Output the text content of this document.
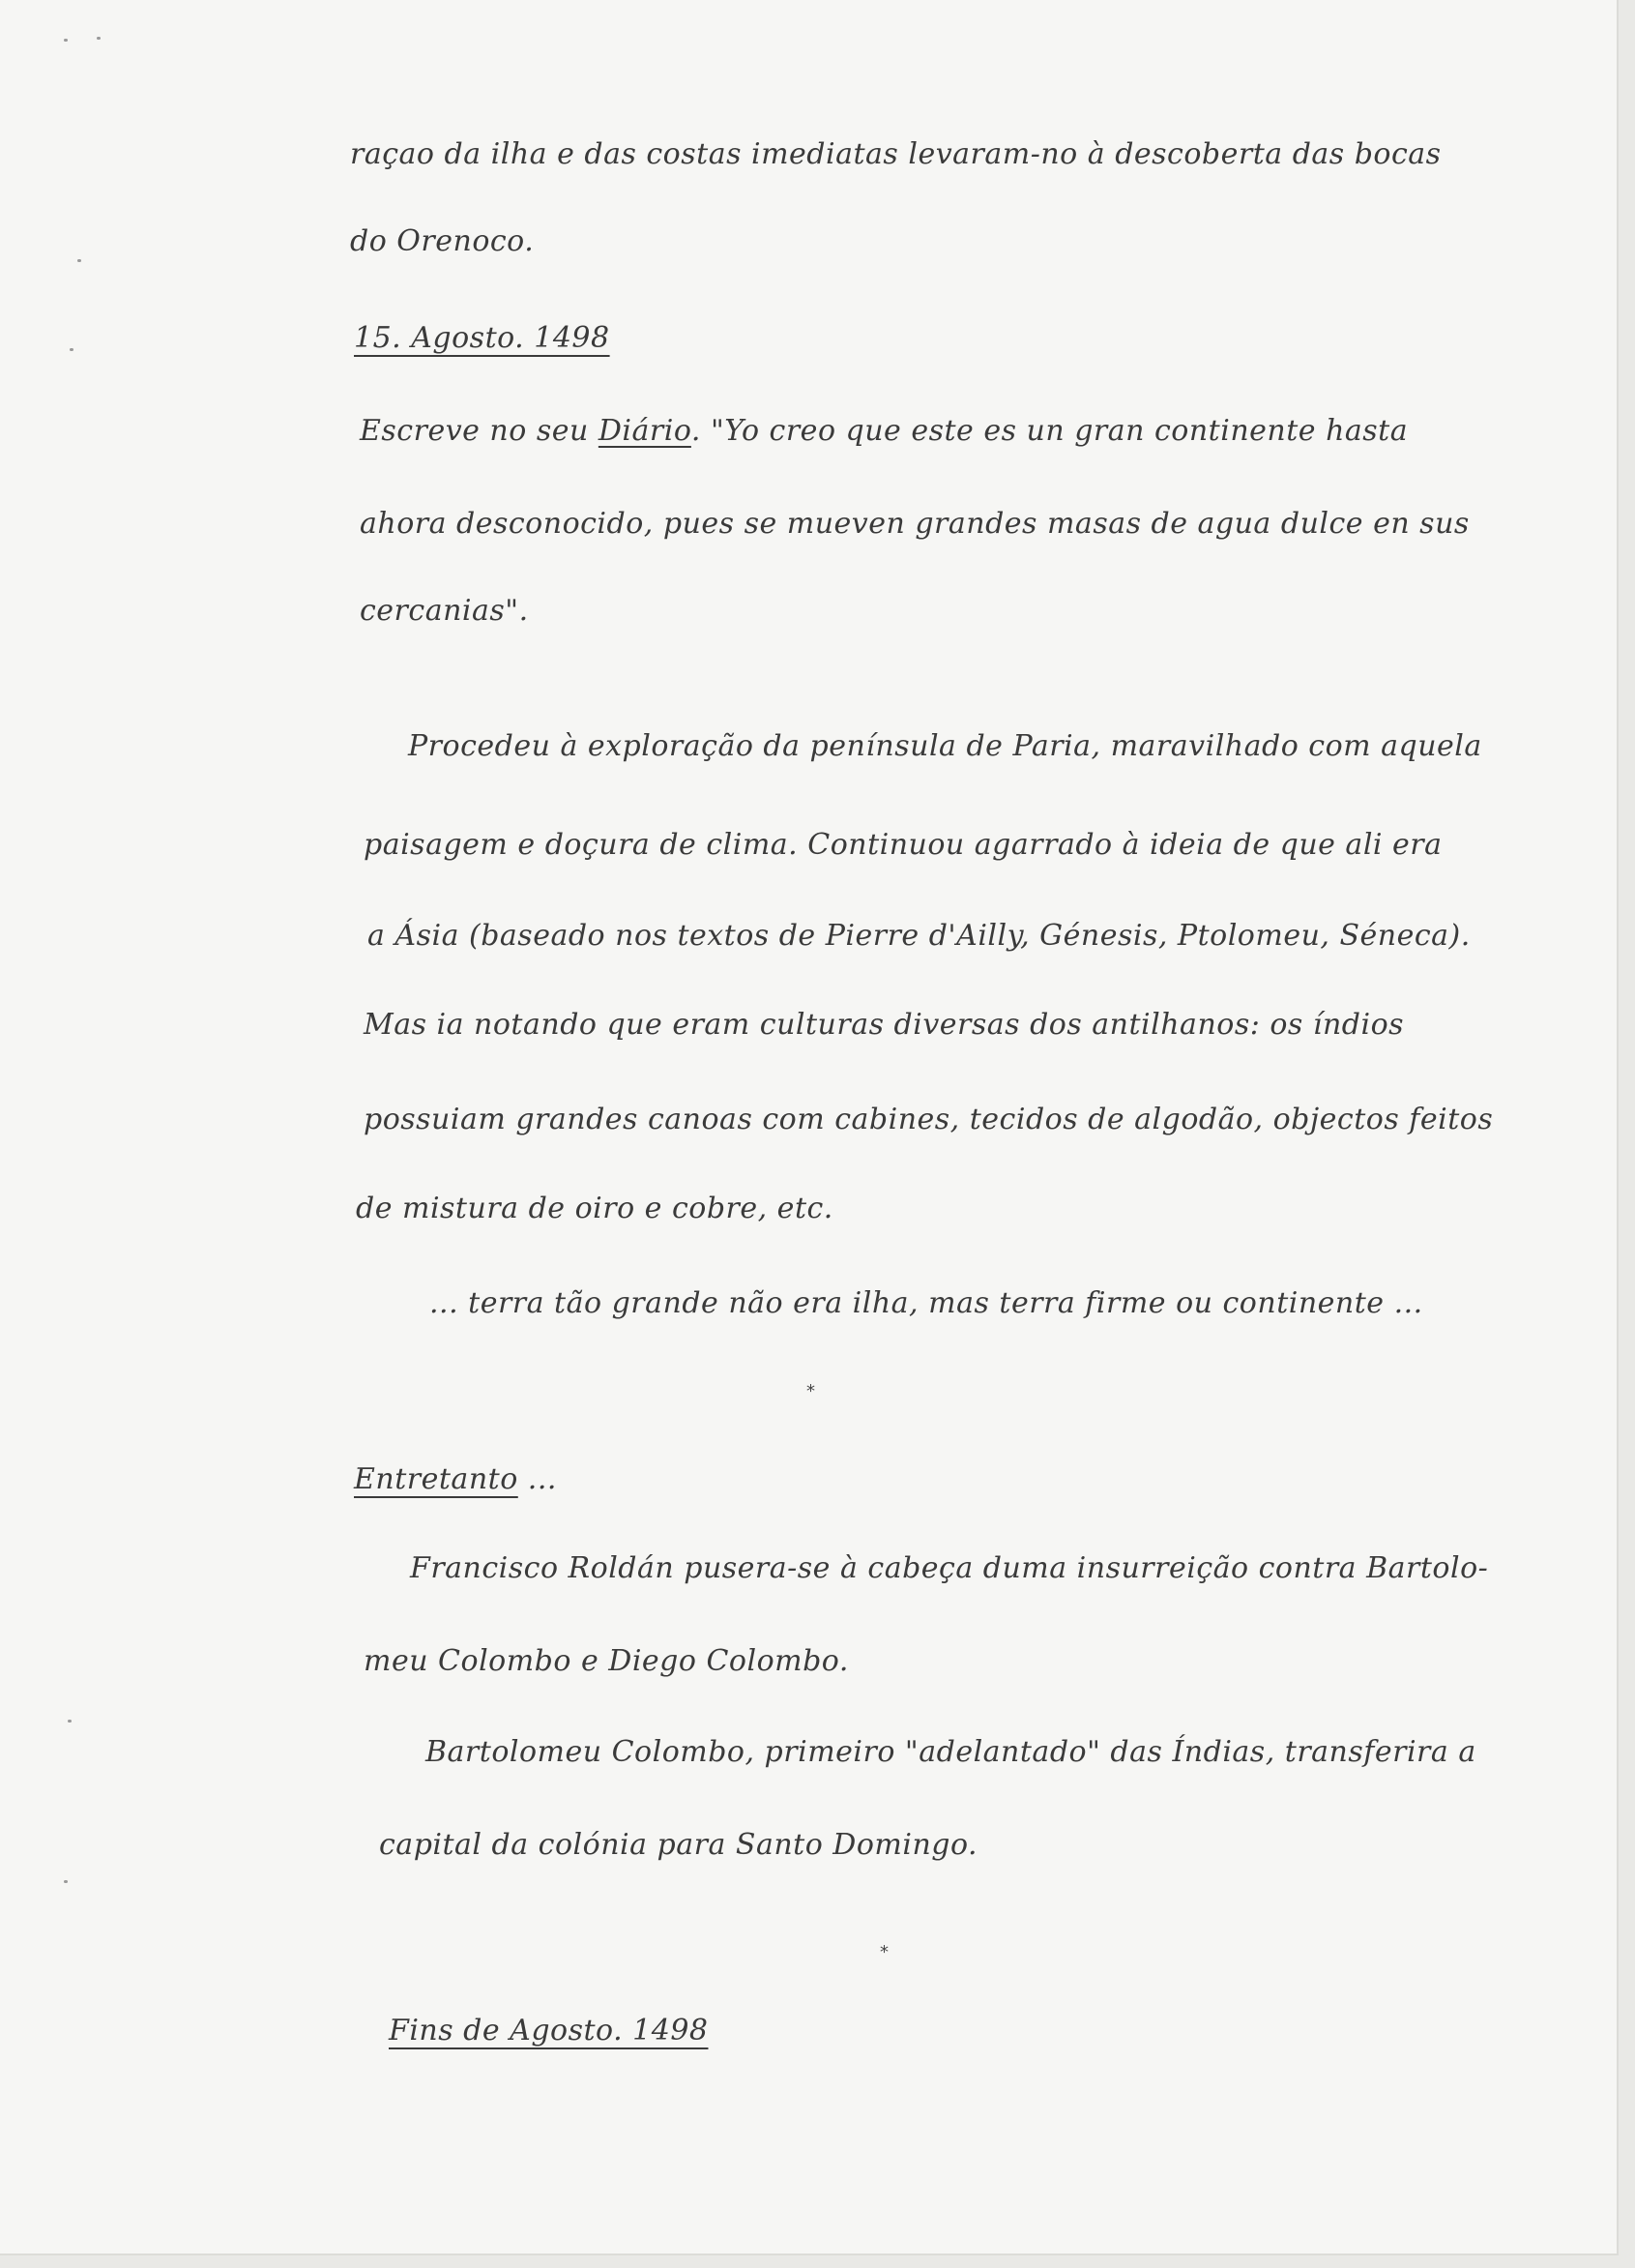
raçao da ilha e das costas imediatas levaram-no à descoberta das bocas
do Orenoco.
15. Agosto. 1498
Escreve no seu Diário. "Yo creo que este es un gran continente hasta
ahora desconocido, pues se mueven grandes masas de agua dulce en sus
cercanias".
Procedeu à exploração da península de Paria, maravilhado com aquela
paisagem e doçura de clima. Continuou agarrado à ideia de que ali era
a Ásia (baseado nos textos de Pierre d'Ailly, Génesis, Ptolomeu, Séneca).
Mas ia notando que eram culturas diversas dos antilhanos: os índios
possuiam grandes canoas com cabines, tecidos de algodão, objectos feitos
de mistura de oiro e cobre, etc.
... terra tão grande não era ilha, mas terra firme ou continente ...
*
Entretanto ...
Francisco Roldán pusera-se à cabeça duma insurreição contra Bartolo-
meu Colombo e Diego Colombo.
Bartolomeu Colombo, primeiro "adelantado" das Índias, transferira a
capital da colónia para Santo Domingo.
*
Fins de Agosto. 1498
